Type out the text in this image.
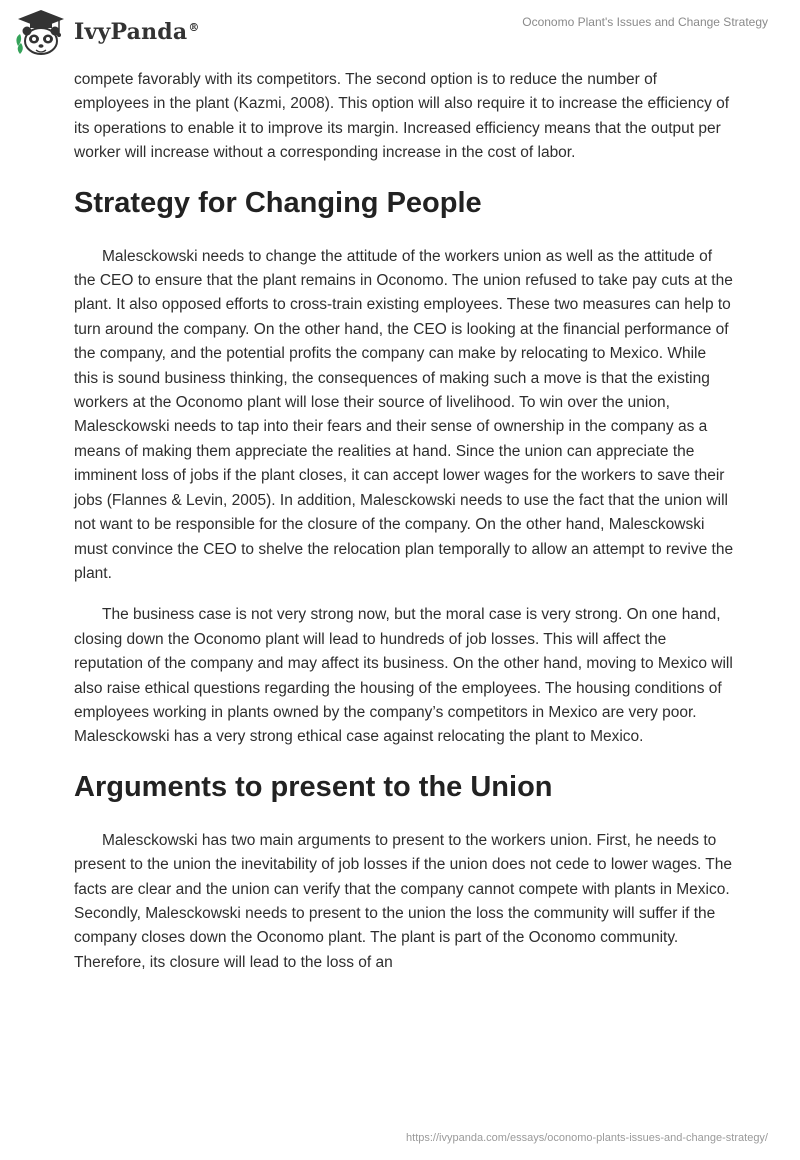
IvyPanda®	Oconomo Plant's Issues and Change Strategy

compete favorably with its competitors. The second option is to reduce the number of employees in the plant (Kazmi, 2008). This option will also require it to increase the efficiency of its operations to enable it to improve its margin. Increased efficiency means that the output per worker will increase without a corresponding increase in the cost of labor.

Strategy for Changing People

Malesckowski needs to change the attitude of the workers union as well as the attitude of the CEO to ensure that the plant remains in Oconomo. The union refused to take pay cuts at the plant. It also opposed efforts to cross-train existing employees. These two measures can help to turn around the company. On the other hand, the CEO is looking at the financial performance of the company, and the potential profits the company can make by relocating to Mexico. While this is sound business thinking, the consequences of making such a move is that the existing workers at the Oconomo plant will lose their source of livelihood. To win over the union, Malesckowski needs to tap into their fears and their sense of ownership in the company as a means of making them appreciate the realities at hand. Since the union can appreciate the imminent loss of jobs if the plant closes, it can accept lower wages for the workers to save their jobs (Flannes & Levin, 2005). In addition, Malesckowski needs to use the fact that the union will not want to be responsible for the closure of the company. On the other hand, Malesckowski must convince the CEO to shelve the relocation plan temporally to allow an attempt to revive the plant.

The business case is not very strong now, but the moral case is very strong. On one hand, closing down the Oconomo plant will lead to hundreds of job losses. This will affect the reputation of the company and may affect its business. On the other hand, moving to Mexico will also raise ethical questions regarding the housing of the employees. The housing conditions of employees working in plants owned by the company’s competitors in Mexico are very poor. Malesckowski has a very strong ethical case against relocating the plant to Mexico.

Arguments to present to the Union

Malesckowski has two main arguments to present to the workers union. First, he needs to present to the union the inevitability of job losses if the union does not cede to lower wages. The facts are clear and the union can verify that the company cannot compete with plants in Mexico. Secondly, Malesckowski needs to present to the union the loss the community will suffer if the company closes down the Oconomo plant. The plant is part of the Oconomo community. Therefore, its closure will lead to the loss of an

https://ivypanda.com/essays/oconomo-plants-issues-and-change-strategy/
